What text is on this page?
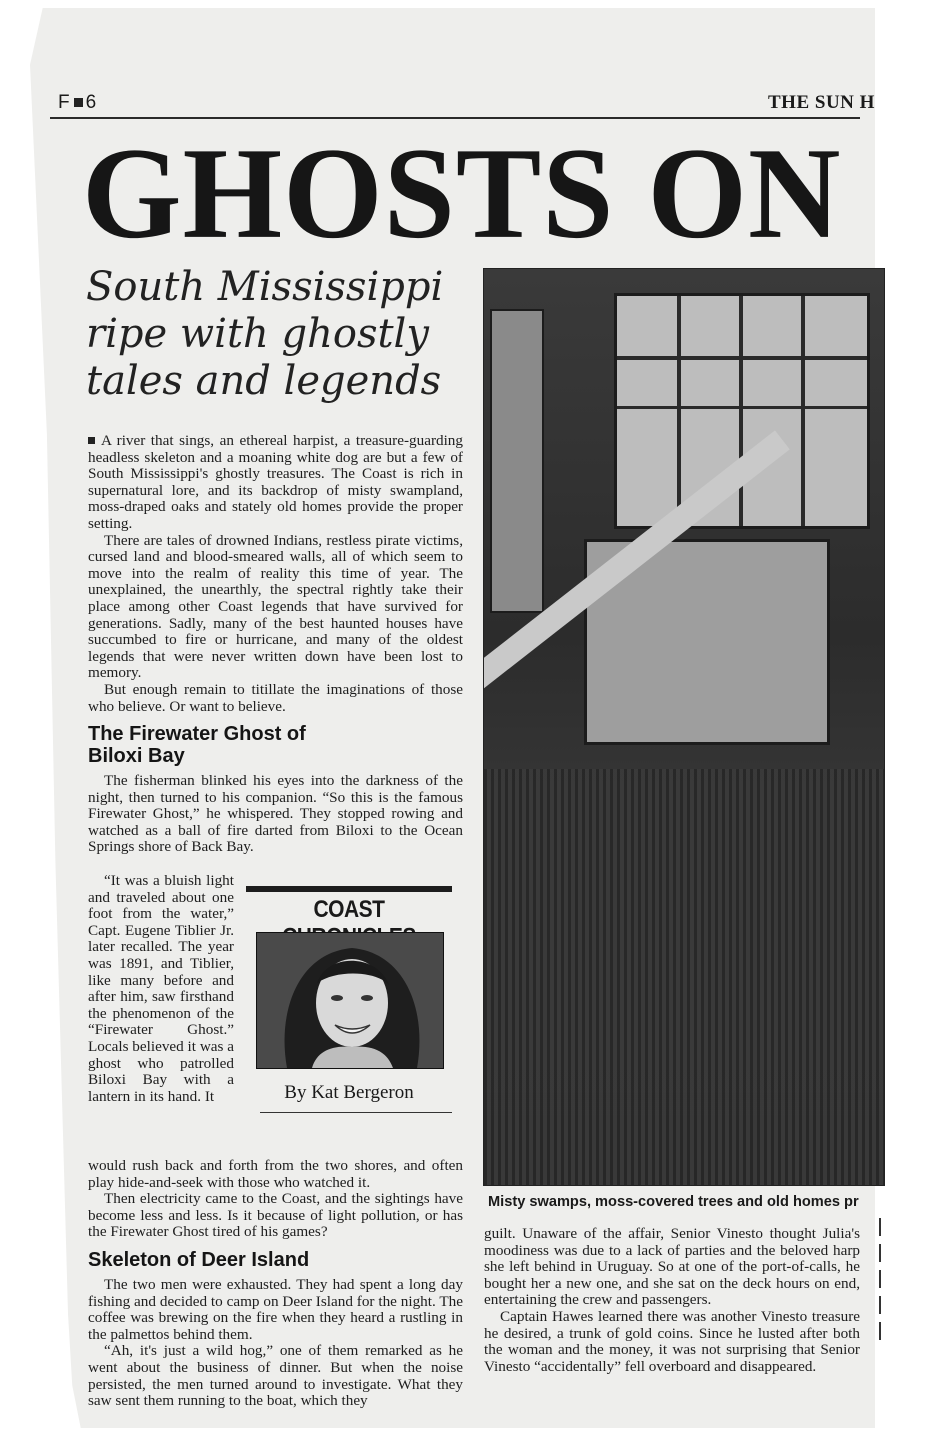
F 6	THE SUN H
GHOSTS ON
South Mississippi ripe with ghostly tales and legends

A river that sings, an ethereal harpist, a treasure-guarding headless skeleton and a moaning white dog are but a few of South Mississippi's ghostly treasures. The Coast is rich in supernatural lore, and its backdrop of misty swampland, moss-draped oaks and stately old homes provide the proper setting.

There are tales of drowned Indians, restless pirate victims, cursed land and blood-smeared walls, all of which seem to move into the realm of reality this time of year. The unexplained, the unearthly, the spectral rightly take their place among other Coast legends that have survived for generations. Sadly, many of the best haunted houses have succumbed to fire or hurricane, and many of the oldest legends that were never written down have been lost to memory.

But enough remain to titillate the imaginations of those who believe. Or want to believe.

The Firewater Ghost of Biloxi Bay

The fisherman blinked his eyes into the darkness of the night, then turned to his companion. “So this is the famous Firewater Ghost,” he whispered. They stopped rowing and watched as a ball of fire darted from Biloxi to the Ocean Springs shore of Back Bay.

“It was a bluish light and traveled about one foot from the water,” Capt. Eugene Tiblier Jr. later recalled. The year was 1891, and Tiblier, like many before and after him, saw firsthand the phenomenon of the “Firewater Ghost.” Locals believed it was a ghost who patrolled Biloxi Bay with a lantern in its hand. It

would rush back and forth from the two shores, and often play hide-and-seek with those who watched it.

Then electricity came to the Coast, and the sightings have become less and less. Is it because of light pollution, or has the Firewater Ghost tired of his games?

Skeleton of Deer Island

The two men were exhausted. They had spent a long day fishing and decided to camp on Deer Island for the night. The coffee was brewing on the fire when they heard a rustling in the palmettos behind them.

“Ah, it's just a wild hog,” one of them remarked as he went about the business of dinner. But when the noise persisted, the men turned around to investigate. What they saw sent them running to the boat, which they

COAST
By Kat Bergeron
Misty swamps, moss-covered trees and old homes pr

guilt. Unaware of the affair, Senior Vinesto thought Julia's moodiness was due to a lack of parties and the beloved harp she left behind in Uruguay. So at one of the port-of-calls, he bought her a new one, and she sat on the deck hours on end, entertaining the crew and passengers.

Captain Hawes learned there was another Vinesto treasure he desired, a trunk of gold coins. Since he lusted after both the woman and the money, it was not surprising that Senior Vinesto “accidentally” fell overboard and disappeared.
